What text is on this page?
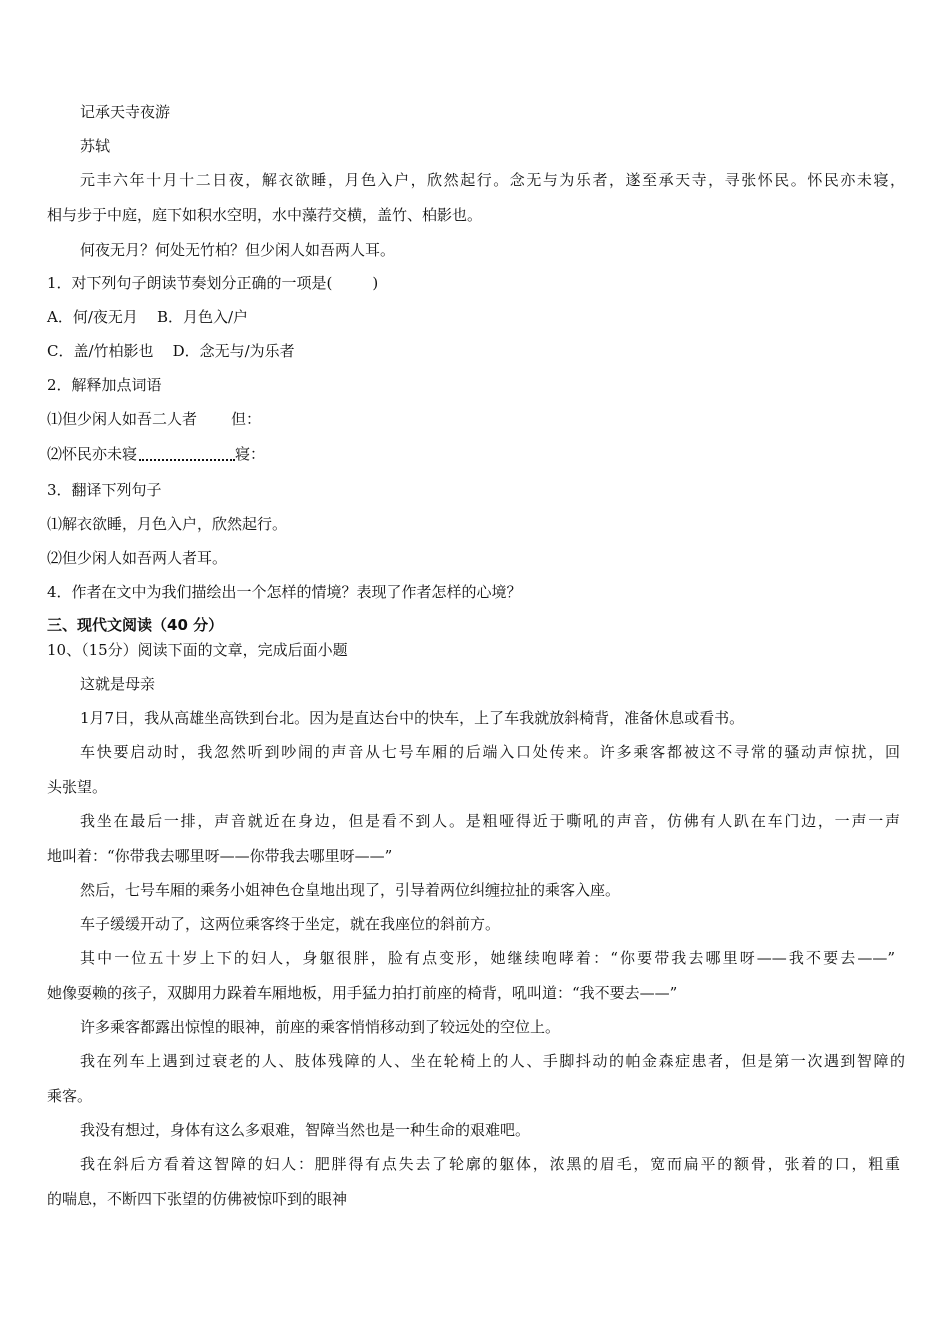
记承天寺夜游
苏轼
元丰六年十月十二日夜，解衣欲睡，月色入户，欣然起行。念无与为乐者，遂至承天寺，寻张怀民。怀民亦未寝，
相与步于中庭，庭下如积水空明，水中藻荇交横，盖竹、柏影也。
何夜无月？何处无竹柏？但少闲人如吾两人耳。
1．对下列句子朗读节奏划分正确的一项是(	)
A．何/夜无月    B．月色入/户
C．盖/竹柏影也    D．念无与/为乐者
2．解释加点词语
⑴但少闲人如吾二人者 但：
⑵怀民亦未寝	寝：
3．翻译下列句子
⑴解衣欲睡，月色入户，欣然起行。
⑵但少闲人如吾两人者耳。
4．作者在文中为我们描绘出一个怎样的情境？表现了作者怎样的心境？
三、现代文阅读（40 分）
10、（15分）阅读下面的文章，完成后面小题
这就是母亲
1月7日，我从高雄坐高铁到台北。因为是直达台中的快车，上了车我就放斜椅背，准备休息或看书。
车快要启动时，我忽然听到吵闹的声音从七号车厢的后端入口处传来。许多乘客都被这不寻常的骚动声惊扰，回
头张望。
我坐在最后一排，声音就近在身边，但是看不到人。是粗哑得近于嘶吼的声音，仿佛有人趴在车门边，一声一声
地叫着：“你带我去哪里呀——你带我去哪里呀——”
然后，七号车厢的乘务小姐神色仓皇地出现了，引导着两位纠缠拉扯的乘客入座。
车子缓缓开动了，这两位乘客终于坐定，就在我座位的斜前方。
其中一位五十岁上下的妇人，身躯很胖，脸有点变形，她继续咆哮着：“你要带我去哪里呀——我不要去——”
她像耍赖的孩子，双脚用力跺着车厢地板，用手猛力拍打前座的椅背，吼叫道：“我不要去——”
许多乘客都露出惊惶的眼神，前座的乘客悄悄移动到了较远处的空位上。
我在列车上遇到过衰老的人、肢体残障的人、坐在轮椅上的人、手脚抖动的帕金森症患者，但是第一次遇到智障的
乘客。
我没有想过，身体有这么多艰难，智障当然也是一种生命的艰难吧。
我在斜后方看着这智障的妇人：肥胖得有点失去了轮廓的躯体，浓黑的眉毛，宽而扁平的额骨，张着的口，粗重
的喘息，不断四下张望的仿佛被惊吓到的眼神
